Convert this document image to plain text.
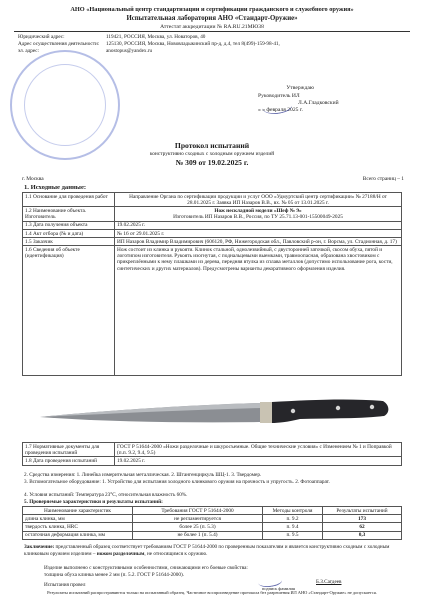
АНО «Национальный центр стандартизации и сертификации гражданского и служебного оружия»
Испытательная лаборатория АНО «Стандарт-Оружие»
Аттестат аккредитации № RA.RU.21МЮ38
Юридический адрес:	119421, РОССИЯ, Москва, ул. Новаторов, 40
Адрес осуществления деятельности: 125130, РОССИЯ, Москва, Нововладыкинский пр-д, д.4, тел 8(499)-159-98-41,
эл. адрес:	anostopus@yandex.ru
Утверждаю
Руководитель ИЛ
Л.А.Гладковский
« » февраля 2025 г.
Протокол испытаний
конструктивно сходных с холодным оружием изделий
№ 309 от 19.02.2025 г.
г. Москва	Всего страниц – 1
1. Исходные данные:
1.1 Основание для проведения работ	Направление Органа по сертификации продукции и услуг ООО «Удмуртский центр сертификации» № 27188/Н от 28.01.2025 г. Заявка ИП Назаров В.В., вх. № 05 от 13.01.2025 г.
1.2 Наименование объекта. Изготовитель	Нож нескладной модели «Шеф № 9»
Изготовитель ИП Назаров В.В., Россия, по ТУ 25.71.13-001-15500049-2025

1.3 Дата получения объекта	19.02.2025 г.
1.4 Акт отбора (№ и дата)	№ 16 от 29.01.2025 г.
1.5 Заказчик	ИП Назаров Владимир Владимирович (606120, РФ, Нижегородская обл., Павловский р-он, г. Ворсма, ул. Стадионная, д. 17)
1.6 Сведения об объекте (идентификация)	Нож состоит из клинка и рукояти. Клинок стальной, однолезвийный, с двусторонней заточкой, скосом обуха, пятой и логотипом изготовителя. Рукоять изогнутая, с поднальцевыми выемками, травмоопасная, образована хвостовиком с прикреплёнными к нему плашками из дерева, передняя втулка из сплава металлов (допустимо использование рога, кости, синтетических и других материалов). Предусмотрены варианты декоративного оформления изделия.
1.7 Нормативные документы для проведения испытаний	ГОСТ Р 51644-2000 «Ножи разделочные и шкуросъемные. Общие технические условия» с Изменением № 1 и Поправкой (п.п. 9.2, 9.4, 9.5)
1.8 Дата проведения испытаний	19.02.2025 г.
2. Средства измерения: 1. Линейка измерительная металлическая. 2. Штангенциркуль ШЦ-1. 3. Твердомер.
3. Вспомогательное оборудование: 1. Устройство для испытания холодного клинкового оружия на прочность и упругость. 2. Фотоаппарат.
4. Условия испытаний: Температура 23°С, относительная влажность 60%.
5. Проверяемые характеристики и результаты испытаний:
Наименование характеристик	Требования ГОСТ Р 51644-2000	Методы контроля	Результаты испытаний
длина клинка, мм	не регламентируется	п. 9.2	173
твердость клинка, HRC	более 25 (п. 5.3)	п. 9.4	62
остаточная деформация клинка, мм	не более 1 (п. 5.4)	п. 9.5	0,3
Заключение: представленный образец соответствует требованиям ГОСТ Р 51644-2000 по проверенным показателям и является конструктивно сходным с холодным клинковым оружием изделием – ножом разделочным, не относящимся к оружию.
Изделие выполнено с конструктивными особенностями, снижающими его боевые свойства:
толщина обуха клинка менее 2 мм (п. 5.2. ГОСТ Р 51644-2000).
Испытания провел	Б.З.Сагдеев
подпись фамилия
Результаты испытаний распространяются только на испытанный образец. Частичное воспроизведение протокола без разрешения ИЛ АНО «Стандарт-Оружие» не допускается.
